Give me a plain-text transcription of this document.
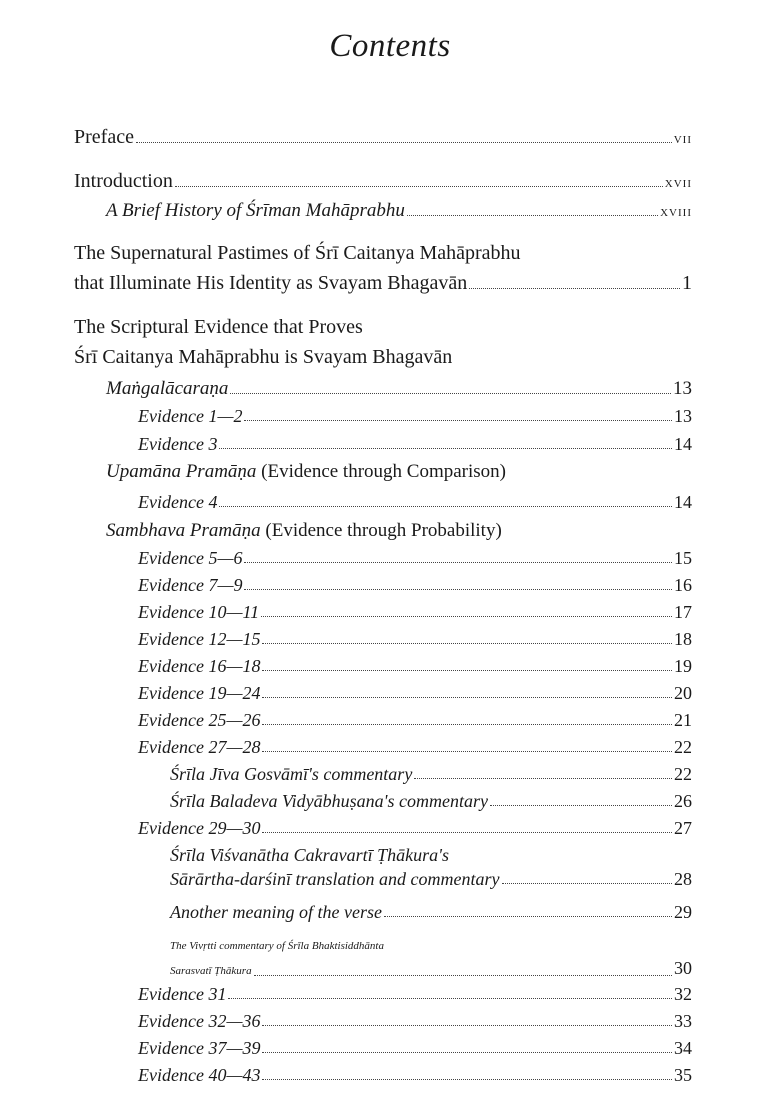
Contents
Preface	vii
Introduction	xvii
A Brief History of Śrīman Mahāprabhu	xviii
The Supernatural Pastimes of Śrī Caitanya Mahāprabhu
that Illuminate His Identity as Svayam Bhagavān	1
The Scriptural Evidence that Proves
Śrī Caitanya Mahāprabhu is Svayam Bhagavān
Maṅgalācaraṇa	13
Evidence 1—2	13
Evidence 3	14
Upamāna Pramāṇa (Evidence through Comparison)
Evidence 4	14
Sambhava Pramāṇa (Evidence through Probability)
Evidence 5—6	15
Evidence 7—9	16
Evidence 10—11	17
Evidence 12—15	18
Evidence 16—18	19
Evidence 19—24	20
Evidence 25—26	21
Evidence 27—28	22
Śrīla Jīva Gosvāmī's commentary	22
Śrīla Baladeva Vidyābhuṣana's commentary	26
Evidence 29—30	27
Śrīla Viśvanātha Cakravartī Ṭhākura's
Sārārtha-darśinī translation and commentary	28
Another meaning of the verse	29
The Vivṛtti commentary of Śrīla Bhaktisiddhānta
Sarasvatī Ṭhākura	30
Evidence 31	32
Evidence 32—36	33
Evidence 37—39	34
Evidence 40—43	35
